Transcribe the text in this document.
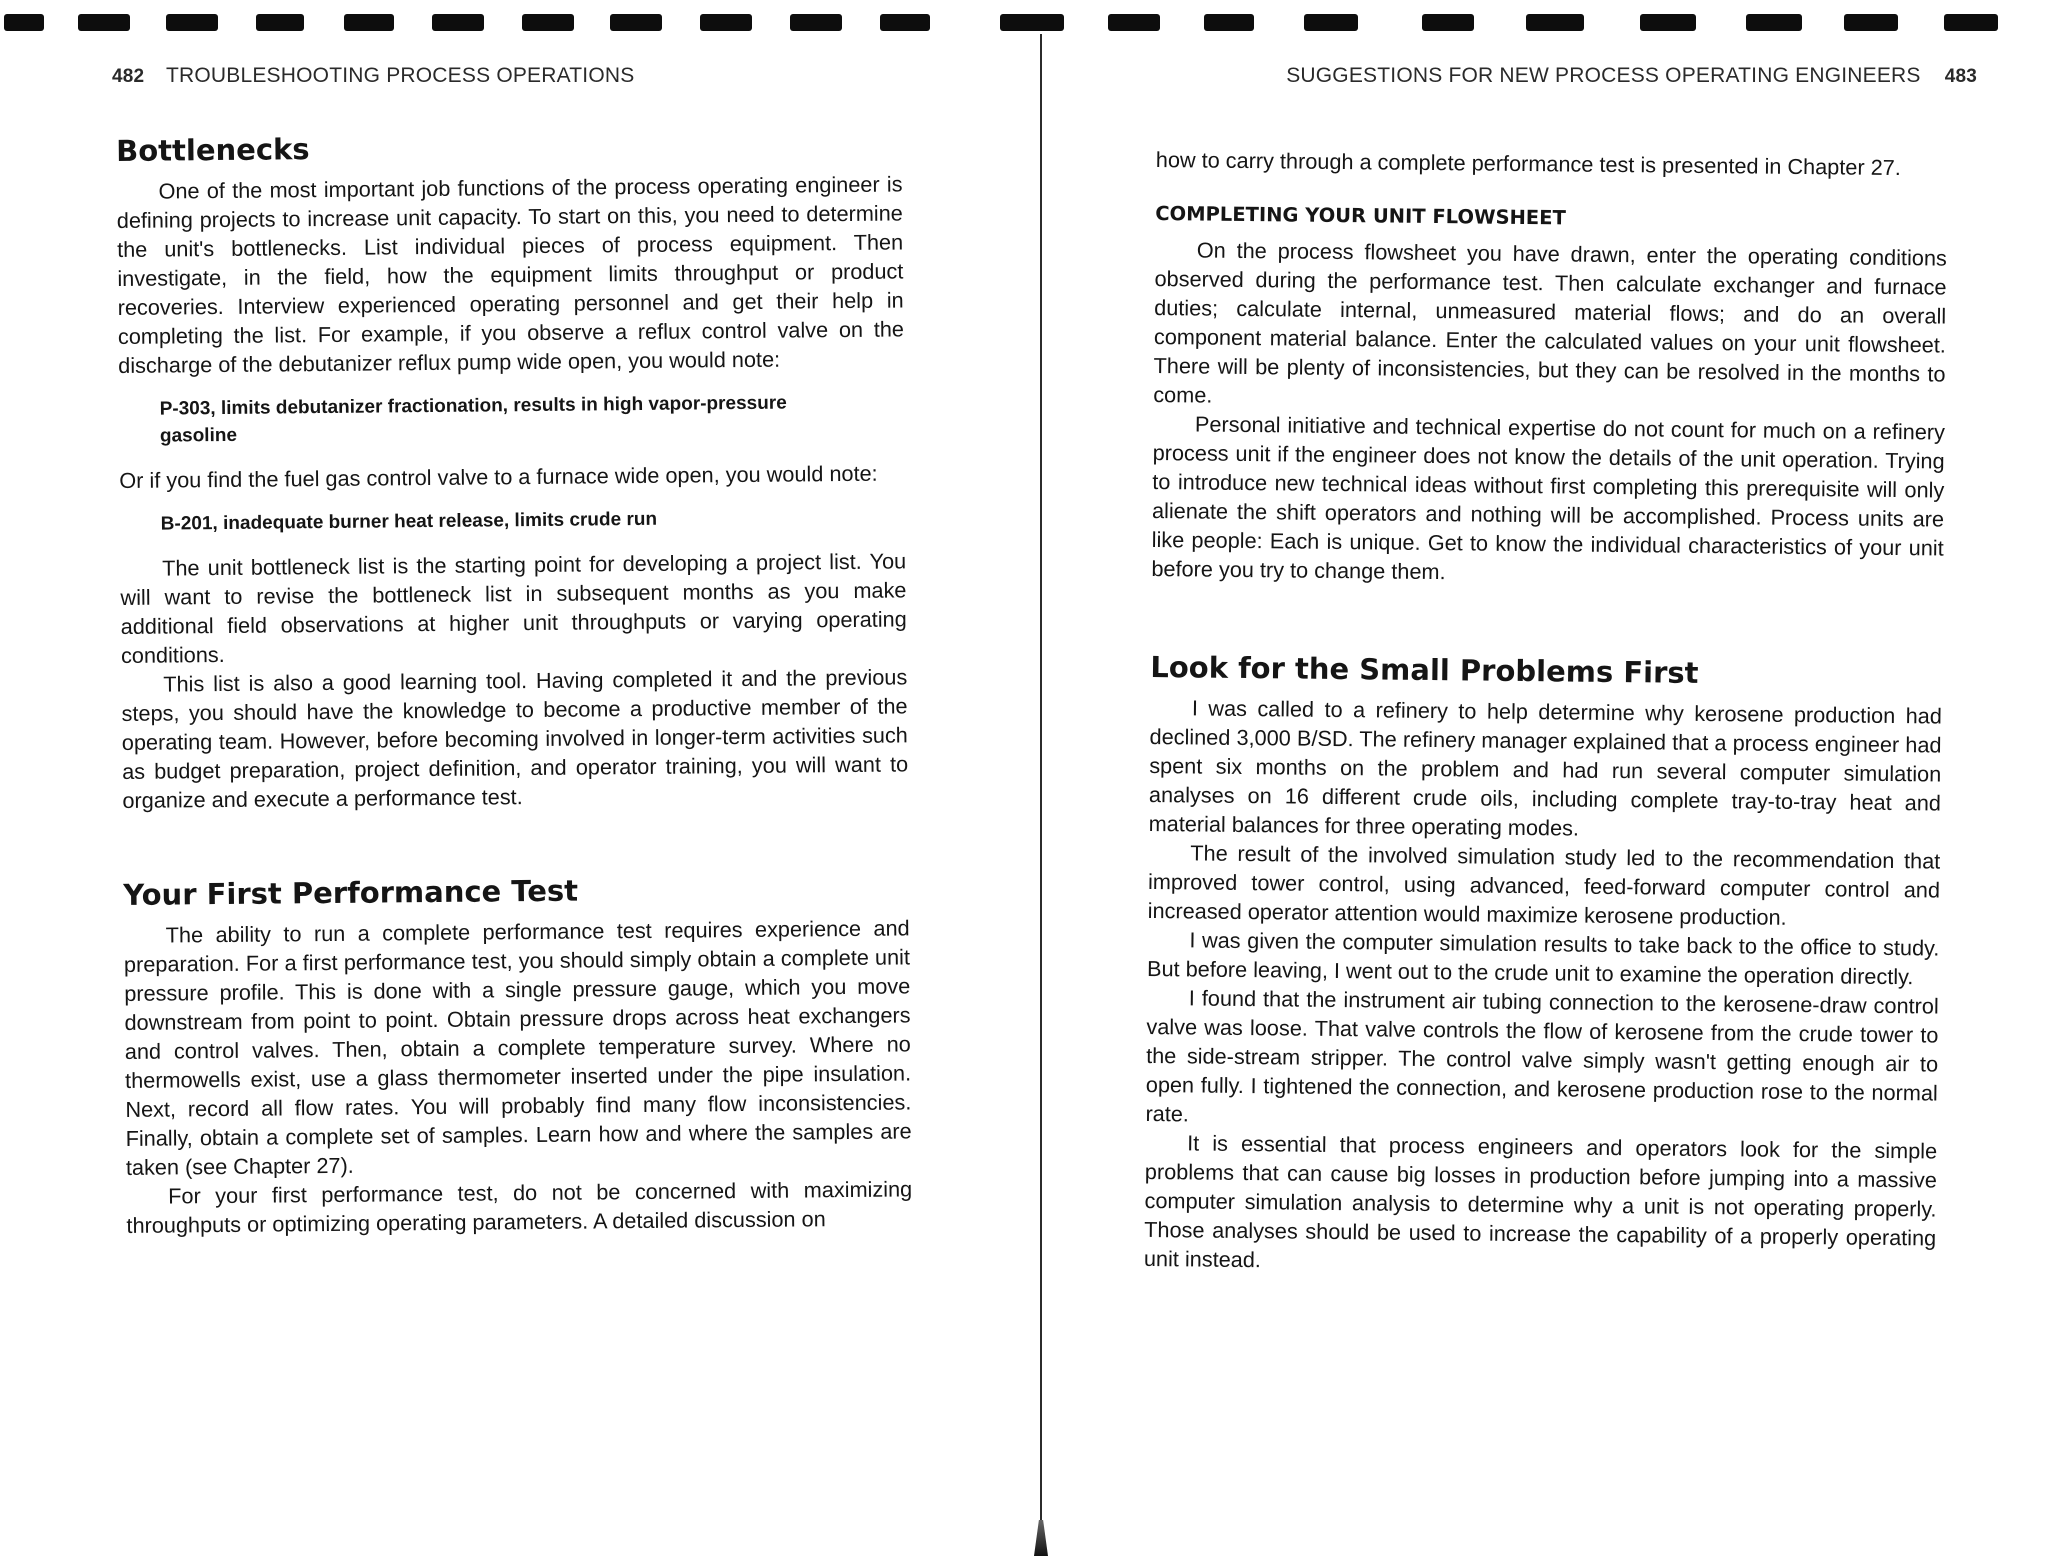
482 TROUBLESHOOTING PROCESS OPERATIONS
Bottlenecks

One of the most important job functions of the process operating engineer is defining projects to increase unit capacity. To start on this, you need to determine the unit's bottlenecks. List individual pieces of process equipment. Then investigate, in the field, how the equipment limits throughput or product recoveries. Interview experienced operating personnel and get their help in completing the list. For example, if you observe a reflux control valve on the discharge of the debutanizer reflux pump wide open, you would note:

P-303, limits debutanizer fractionation, results in high vapor-pressure gasoline

Or if you find the fuel gas control valve to a furnace wide open, you would note:

B-201, inadequate burner heat release, limits crude run

The unit bottleneck list is the starting point for developing a project list. You will want to revise the bottleneck list in subsequent months as you make additional field observations at higher unit throughputs or varying operating conditions.

This list is also a good learning tool. Having completed it and the previous steps, you should have the knowledge to become a productive member of the operating team. However, before becoming involved in longer-term activities such as budget preparation, project definition, and operator training, you will want to organize and execute a performance test.

Your First Performance Test

The ability to run a complete performance test requires experience and preparation. For a first performance test, you should simply obtain a complete unit pressure profile. This is done with a single pressure gauge, which you move downstream from point to point. Obtain pressure drops across heat exchangers and control valves. Then, obtain a complete temperature survey. Where no thermowells exist, use a glass thermometer inserted under the pipe insulation. Next, record all flow rates. You will probably find many flow inconsistencies. Finally, obtain a complete set of samples. Learn how and where the samples are taken (see Chapter 27).

For your first performance test, do not be concerned with maximizing throughputs or optimizing operating parameters. A detailed discussion on

SUGGESTIONS FOR NEW PROCESS OPERATING ENGINEERS 483

how to carry through a complete performance test is presented in Chapter 27.

COMPLETING YOUR UNIT FLOWSHEET

On the process flowsheet you have drawn, enter the operating conditions observed during the performance test. Then calculate exchanger and furnace duties; calculate internal, unmeasured material flows; and do an overall component material balance. Enter the calculated values on your unit flowsheet. There will be plenty of inconsistencies, but they can be resolved in the months to come.

Personal initiative and technical expertise do not count for much on a refinery process unit if the engineer does not know the details of the unit operation. Trying to introduce new technical ideas without first completing this prerequisite will only alienate the shift operators and nothing will be accomplished. Process units are like people: Each is unique. Get to know the individual characteristics of your unit before you try to change them.

Look for the Small Problems First

I was called to a refinery to help determine why kerosene production had declined 3,000 B/SD. The refinery manager explained that a process engineer had spent six months on the problem and had run several computer simulation analyses on 16 different crude oils, including complete tray-to-tray heat and material balances for three operating modes.

The result of the involved simulation study led to the recommendation that improved tower control, using advanced, feed-forward computer control and increased operator attention would maximize kerosene production.

I was given the computer simulation results to take back to the office to study. But before leaving, I went out to the crude unit to examine the operation directly.

I found that the instrument air tubing connection to the kerosene-draw control valve was loose. That valve controls the flow of kerosene from the crude tower to the side-stream stripper. The control valve simply wasn't getting enough air to open fully. I tightened the connection, and kerosene production rose to the normal rate.

It is essential that process engineers and operators look for the simple problems that can cause big losses in production before jumping into a massive computer simulation analysis to determine why a unit is not operating properly. Those analyses should be used to increase the capability of a properly operating unit instead.
